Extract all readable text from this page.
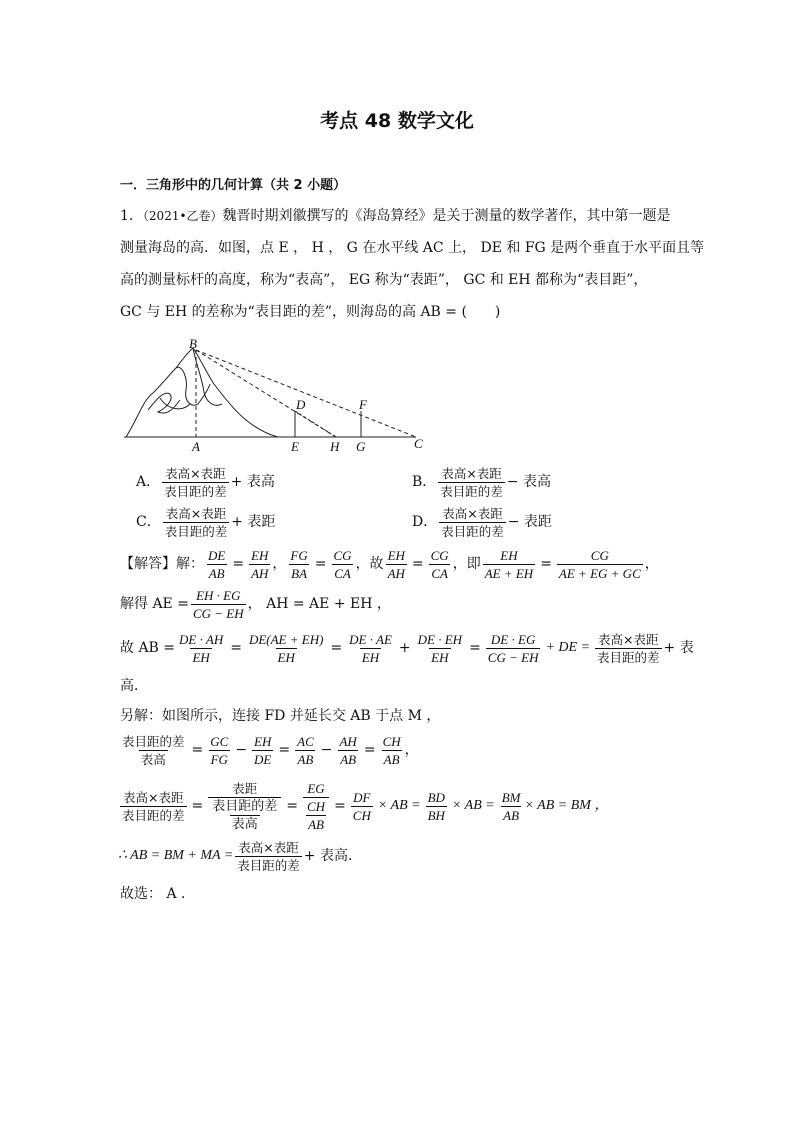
考点 48 数学文化
一．三角形中的几何计算（共 2 小题）
1．（2021•乙卷）魏晋时期刘徽撰写的《海岛算经》是关于测量的数学著作，其中第一题是
测量海岛的高．如图，点 E ， H ， G 在水平线 AC 上， DE 和 FG 是两个垂直于水平面且等
高的测量标杆的高度，称为“表高”， EG 称为“表距”， GC 和 EH 都称为“表目距”，
GC 与 EH 的差称为“表目距的差”，则海岛的高 AB = (　　)
B
D	F
A	E H G	C
A．
表高×表距
表目距的差
+ 表高	B．
表高×表距
表目距的差
− 表高
C．
表高×表距
表目距的差
+ 表距	D．
表高×表距
表目距的差
− 表距
【解答】解： $\frac{DE}{AB} = \frac{EH}{AH}$ ， $\frac{FG}{BA} = \frac{CG}{CA}$ ，故 $\frac{EH}{AH} = \frac{CG}{CA}$ ，即 $\frac{EH}{AE + EH} = \frac{CG}{AE + EG + GC}$ ，
解得 AE = $\frac{EH \cdot EG}{CG - EH}$ ， AH = AE + EH ，
故 AB = $\frac{DE \cdot AH}{EH} = \frac{DE(AE + EH)}{EH} = \frac{DE \cdot AE}{EH} + \frac{DE \cdot EH}{EH} = \frac{DE \cdot EG}{CG - EH}$ + DE =
表高×表距
表目距的差
+ 表
高．
另解：如图所示，连接 FD 并延长交 AB 于点 M ，
表目距的差
表高
= $\frac{GC}{FG} - \frac{EH}{DE} = \frac{AC}{AB} - \frac{AH}{AB} = \frac{CH}{AB}$ ，
表高×表距
表目距的差
=
表距
表目距的差
表高
=
EG
$\frac{CH}{AB} = \frac{DF}{CH}$ × AB = $\frac{BD}{BH}$ × AB = $\frac{BM}{AB}$ × AB = BM ，
∴ AB = BM + MA =
表高×表距
表目距的差
+ 表高．
故选： A ．
